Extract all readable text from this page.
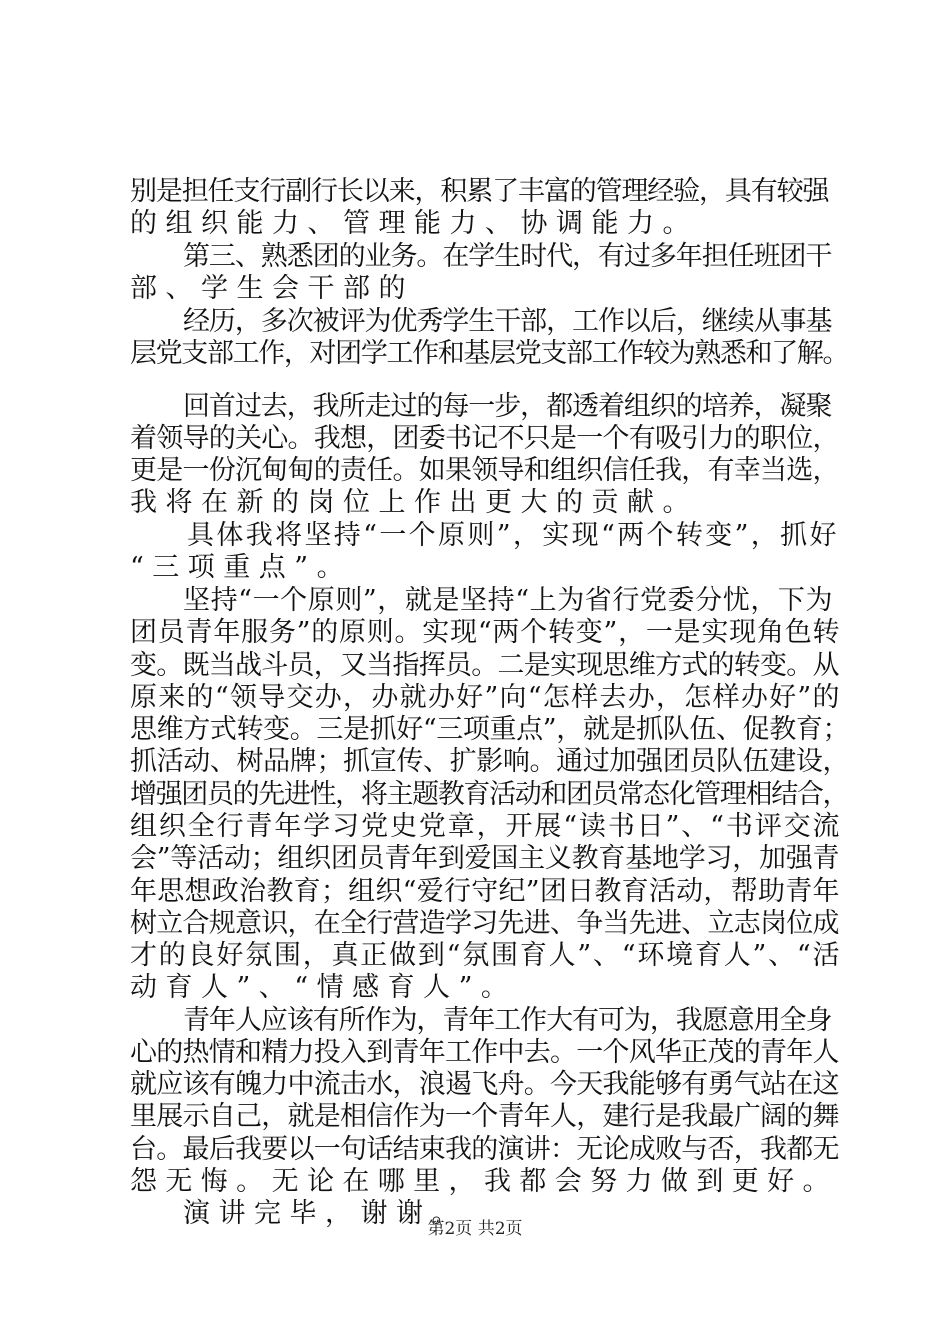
别是担任支行副行长以来，积累了丰富的管理经验，具有较强
的组织能力、管理能力、协调能力。
第三、熟悉团的业务。在学生时代，有过多年担任班团干
部、学生会干部的
经历，多次被评为优秀学生干部，工作以后，继续从事基
层党支部工作，对团学工作和基层党支部工作较为熟悉和了解。
回首过去，我所走过的每一步，都透着组织的培养，凝聚
着领导的关心。我想，团委书记不只是一个有吸引力的职位，
更是一份沉甸甸的责任。如果领导和组织信任我，有幸当选，
我将在新的岗位上作出更大的贡献。
具体我将坚持“一个原则”，实现“两个转变”，抓好
“三项重点”。
坚持“一个原则”，就是坚持“上为省行党委分忧，下为
团员青年服务”的原则。实现“两个转变”，一是实现角色转
变。既当战斗员，又当指挥员。二是实现思维方式的转变。从
原来的“领导交办，办就办好”向“怎样去办，怎样办好”的
思维方式转变。三是抓好“三项重点”，就是抓队伍、促教育；
抓活动、树品牌；抓宣传、扩影响。通过加强团员队伍建设，
增强团员的先进性，将主题教育活动和团员常态化管理相结合，
组织全行青年学习党史党章，开展“读书日”、“书评交流
会”等活动；组织团员青年到爱国主义教育基地学习，加强青
年思想政治教育；组织“爱行守纪”团日教育活动，帮助青年
树立合规意识，在全行营造学习先进、争当先进、立志岗位成
才的良好氛围，真正做到“氛围育人”、“环境育人”、“活
动育人”、“情感育人”。
青年人应该有所作为，青年工作大有可为，我愿意用全身
心的热情和精力投入到青年工作中去。一个风华正茂的青年人
就应该有魄力中流击水，浪遏飞舟。今天我能够有勇气站在这
里展示自己，就是相信作为一个青年人，建行是我最广阔的舞
台。最后我要以一句话结束我的演讲：无论成败与否，我都无
怨无悔。无论在哪里，我都会努力做到更好。
演讲完毕，谢谢。
第2页 共2页
